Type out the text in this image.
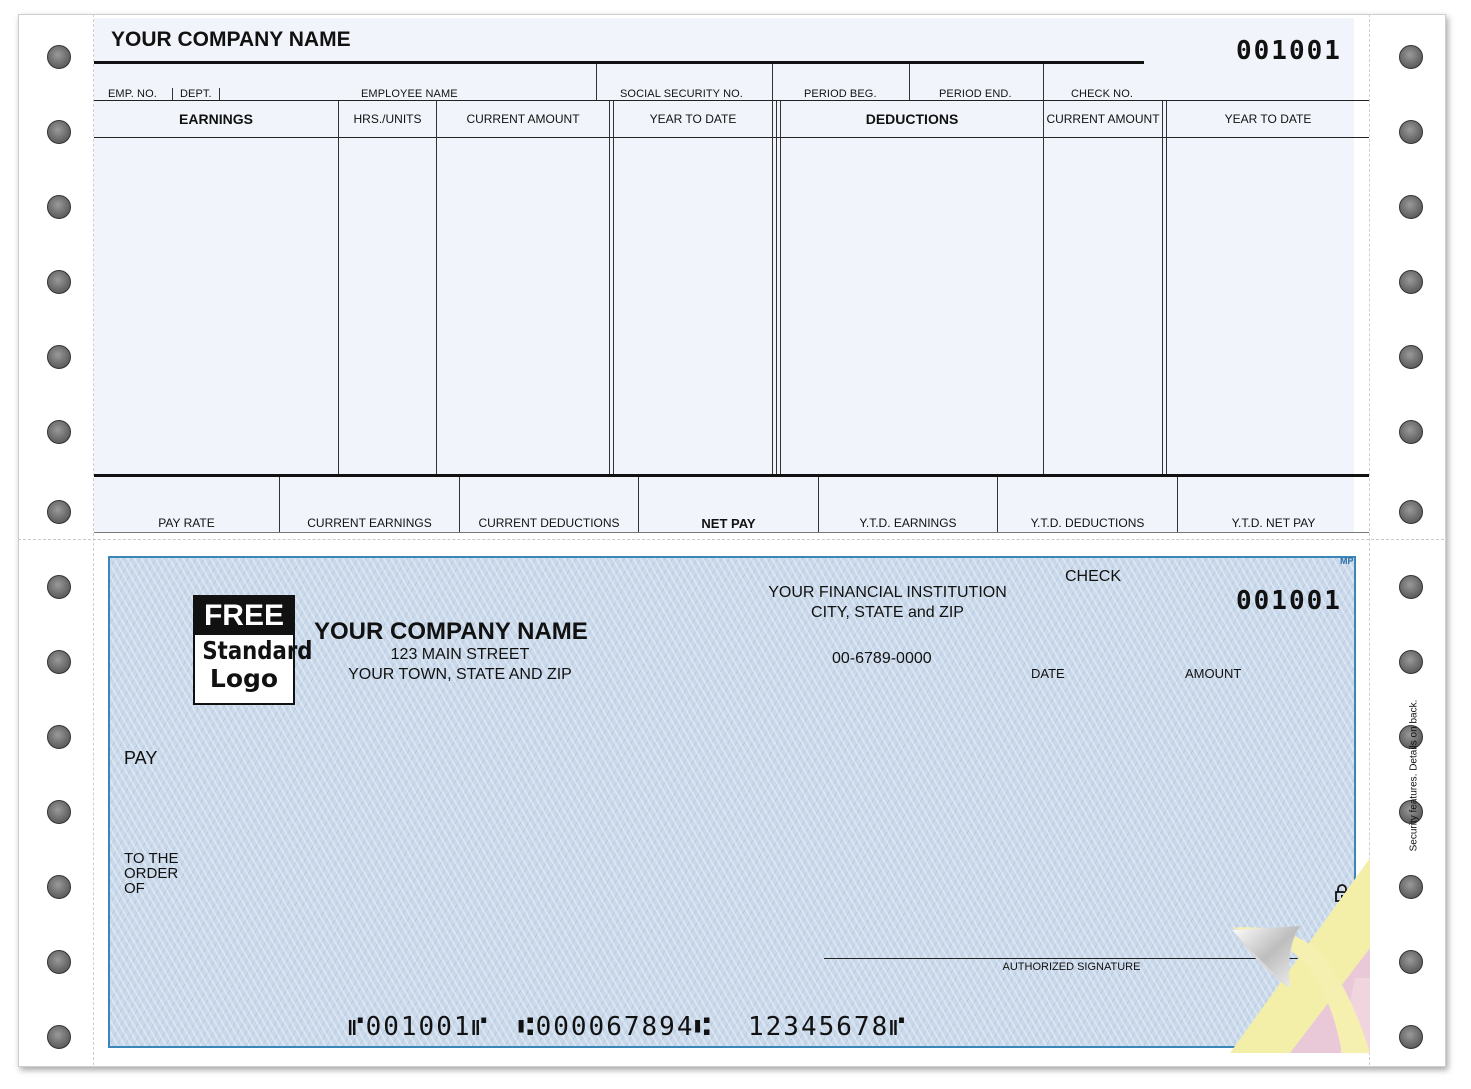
YOUR COMPANY NAME	001001
EMP. NO. DEPT.	EMPLOYEE NAME	SOCIAL SECURITY NO.	PERIOD BEG.	PERIOD END.	CHECK NO.
EARNINGS	HRS./UNITS	CURRENT AMOUNT	YEAR TO DATE	DEDUCTIONS	CURRENT AMOUNT	YEAR TO DATE
PAY RATE	CURRENT EARNINGS	CURRENT DEDUCTIONS	NET PAY	Y.T.D. EARNINGS	Y.T.D. DEDUCTIONS	Y.T.D. NET PAY
FREE
Standard
Logo
YOUR COMPANY NAME
123 MAIN STREET
YOUR TOWN, STATE AND ZIP
YOUR FINANCIAL INSTITUTION
CITY, STATE and ZIP
00-6789-0000
CHECK
001001
DATE	AMOUNT
PAY
TO THE
ORDER
OF
AUTHORIZED SIGNATURE
Security features. Details on back.
MP
⑈001001⑈ ⑆000067894⑆ 12345678⑈
